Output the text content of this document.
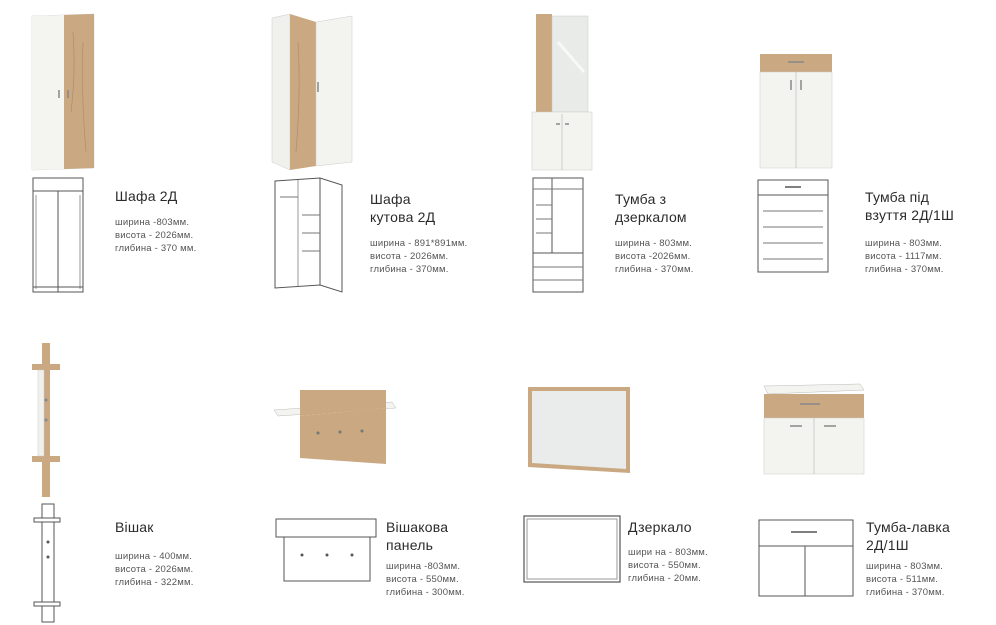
Шафа 2Д
ширина -803мм.
висота - 2026мм.
глибина - 370 мм.
Шафа
кутова 2Д
ширина - 891*891мм.
висота - 2026мм.
глибина - 370мм.
Тумба з
дзеркалом
ширина - 803мм.
висота -2026мм.
глибина - 370мм.
Тумба під
взуття 2Д/1Ш
ширина - 803мм.
висота - 1117мм.
глибина - 370мм.
Вішак
ширина - 400мм.
висота - 2026мм.
глибина - 322мм.
Вішакова
панель
ширина -803мм.
висота - 550мм.
глибина - 300мм.
Дзеркало
шири на - 803мм.
висота - 550мм.
глибина - 20мм.
Тумба-лавка
2Д/1Ш
ширина - 803мм.
висота - 511мм.
глибина - 370мм.
